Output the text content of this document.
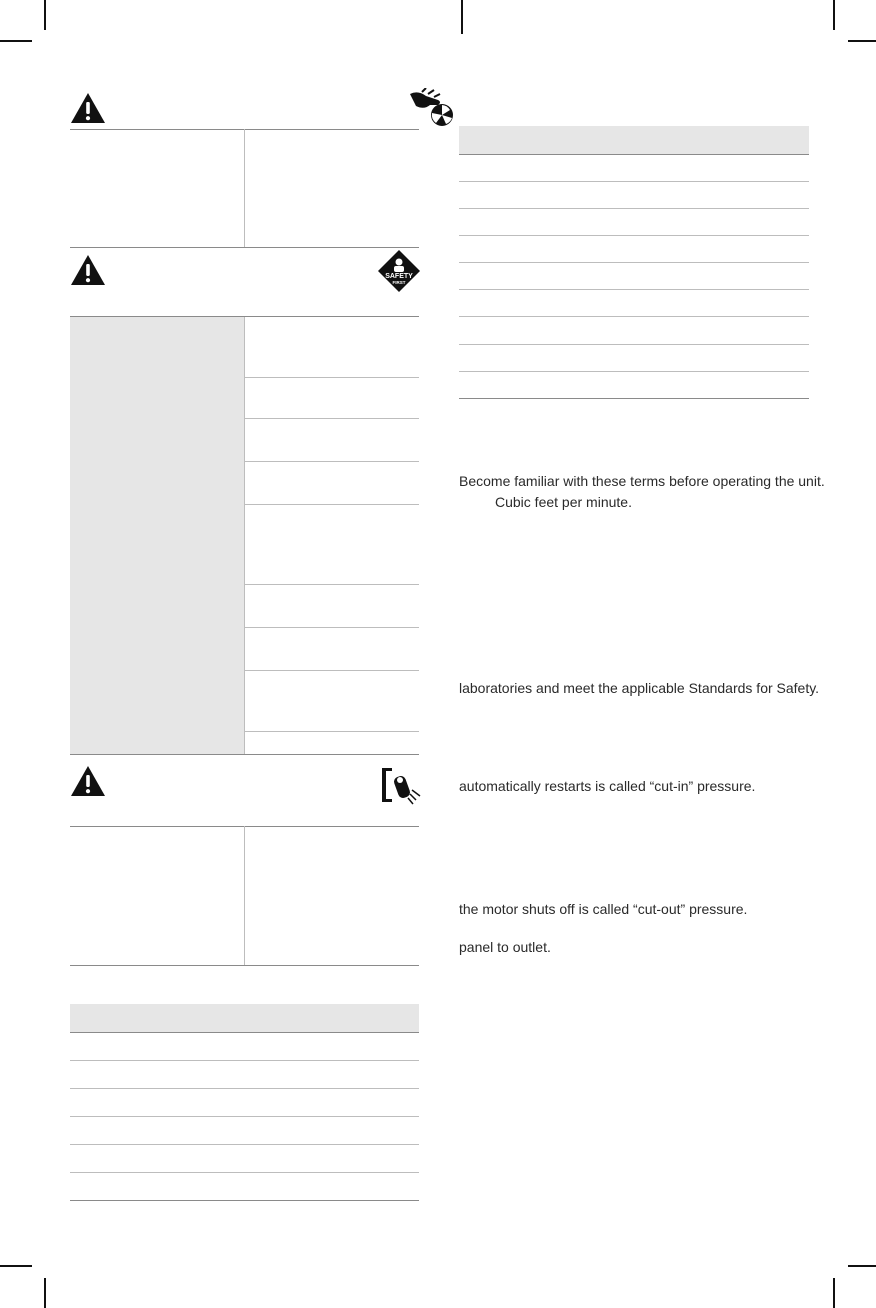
SAFETY
FIRST
Become familiar with these terms before operating the unit.
Cubic feet per minute.
laboratories and meet the applicable Standards for Safety.
automatically restarts is called “cut-in” pressure.
the motor shuts off is called “cut-out” pressure.
panel to outlet.
